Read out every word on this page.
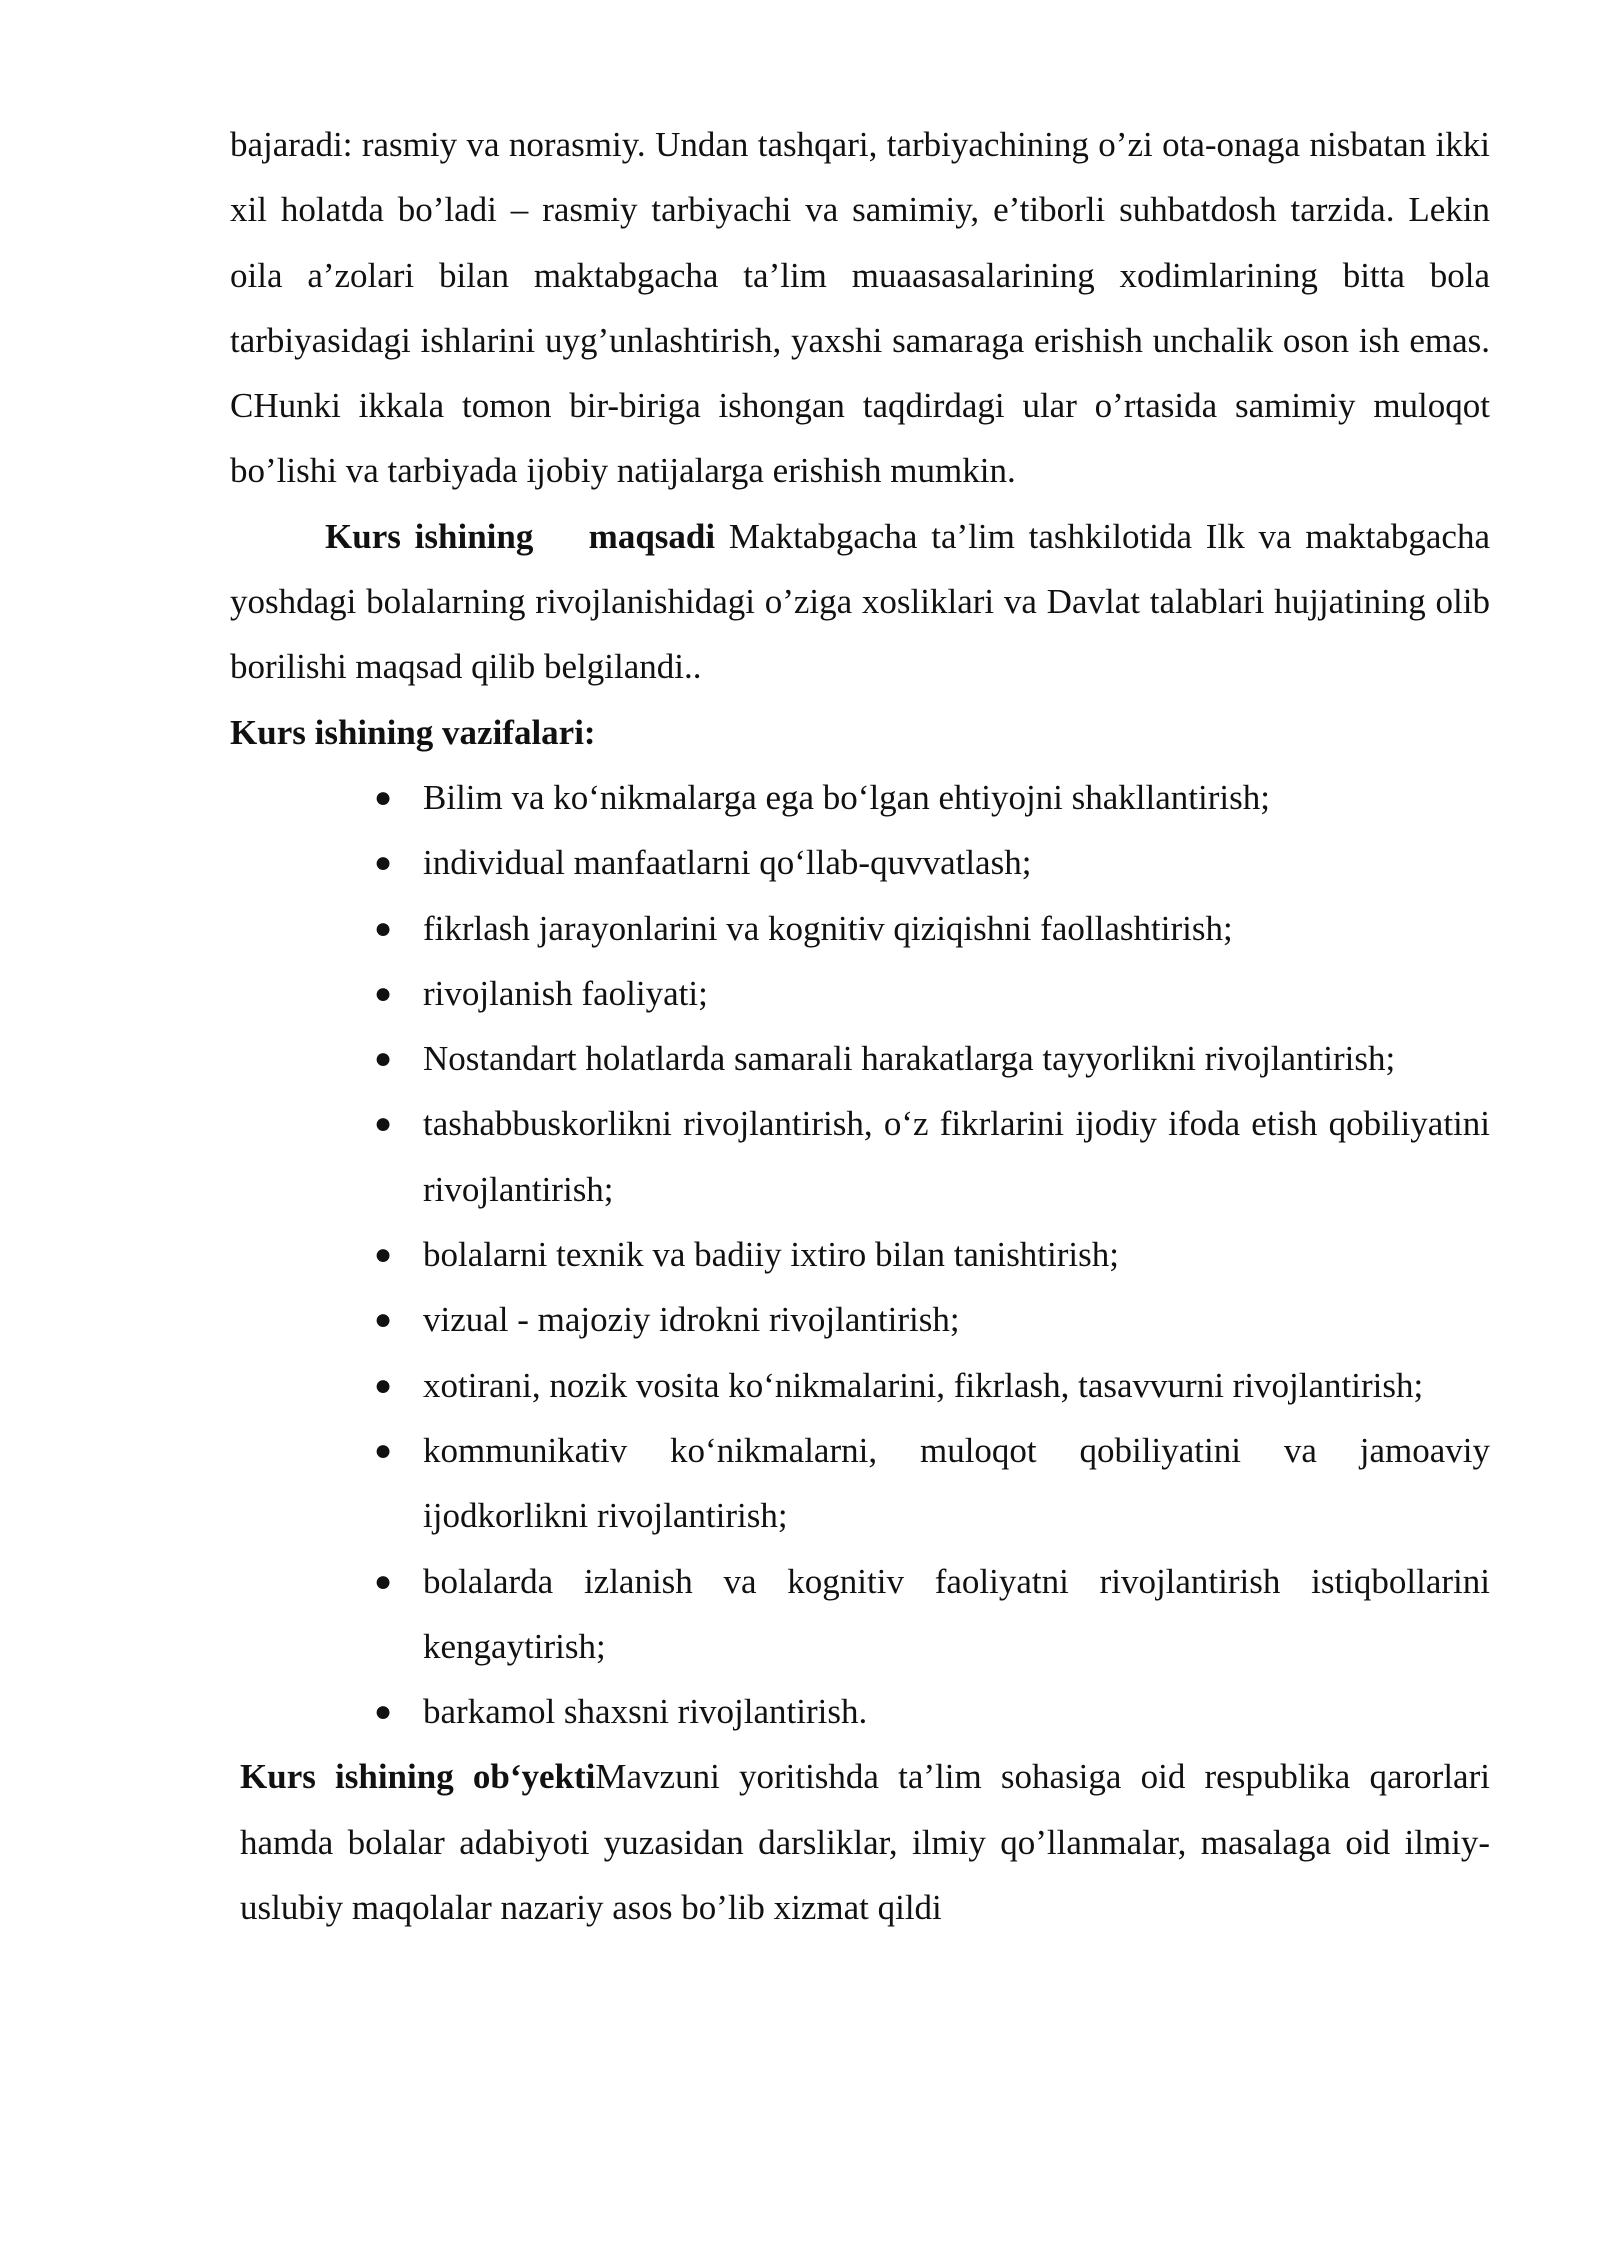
bajaradi: rasmiy va norasmiy. Undan tashqari, tarbiyachining o’zi ota-onaga nisbatan ikki xil holatda bo’ladi – rasmiy tarbiyachi va samimiy, e’tiborli suhbatdosh tarzida. Lekin oila a’zolari bilan maktabgacha ta’lim muaasasalarining xodimlarining bitta bola tarbiyasidagi ishlarini uyg’unlashtirish, yaxshi samaraga erishish unchalik oson ish emas. CHunki ikkala tomon bir-biriga ishongan taqdirdagi ular o’rtasida samimiy muloqot bo’lishi va tarbiyada ijobiy natijalarga erishish mumkin.

Kurs ishining    maqsadi Maktabgacha ta’lim tashkilotida Ilk va maktabgacha yoshdagi bolalarning rivojlanishidagi o’ziga xosliklari va Davlat talablari hujjatining olib borilishi maqsad qilib belgilandi..

Kurs ishining vazifalari:

● Bilim va ko‘nikmalarga ega bo‘lgan ehtiyojni shakllantirish;
● individual manfaatlarni qo‘llab-quvvatlash;
● fikrlash jarayonlarini va kognitiv qiziqishni faollashtirish;
● rivojlanish faoliyati;
● Nostandart holatlarda samarali harakatlarga tayyorlikni rivojlantirish;
● tashabbuskorlikni rivojlantirish, o‘z fikrlarini ijodiy ifoda etish qobiliyatini rivojlantirish;
● bolalarni texnik va badiiy ixtiro bilan tanishtirish;
● vizual - majoziy idrokni rivojlantirish;
● xotirani, nozik vosita ko‘nikmalarini, fikrlash, tasavvurni rivojlantirish;
● kommunikativ ko‘nikmalarni, muloqot qobiliyatini va jamoaviy ijodkorlikni rivojlantirish;
● bolalarda izlanish va kognitiv faoliyatni rivojlantirish istiqbollarini kengaytirish;
● barkamol shaxsni rivojlantirish.

Kurs ishining ob‘yektiMavzuni yoritishda ta’lim sohasiga oid respublika qarorlari hamda bolalar adabiyoti yuzasidan darsliklar, ilmiy qo’llanmalar, masalaga oid ilmiy-uslubiy maqolalar nazariy asos bo’lib xizmat qildi
